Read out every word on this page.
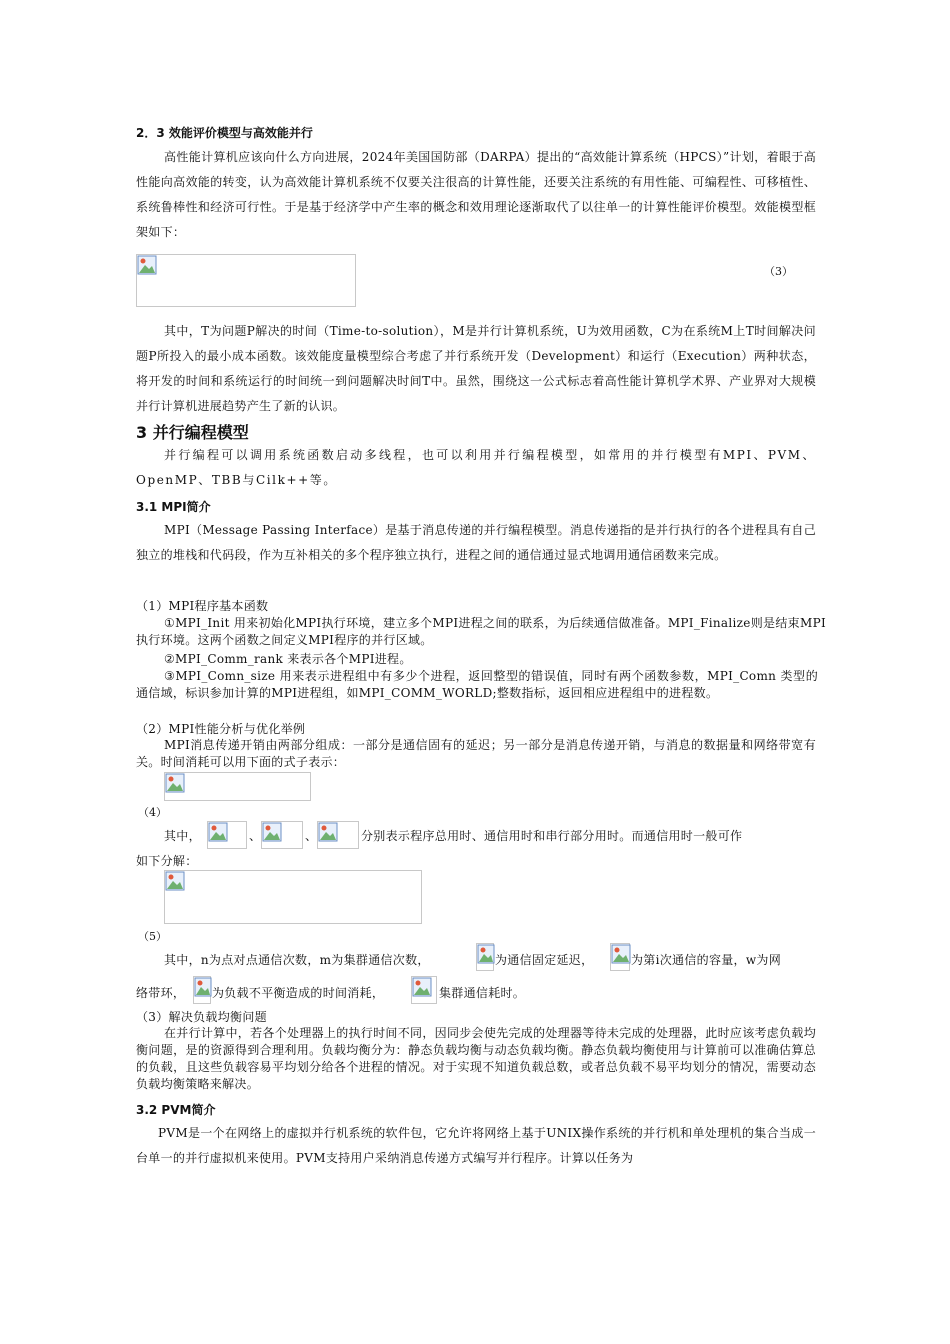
2．3 效能评价模型与高效能并行

高性能计算机应该向什么方向进展，2024年美国国防部（DARPA）提出的“高效能计算系统（HPCS）”计划，着眼于高性能向高效能的转变，认为高效能计算机系统不仅要关注很高的计算性能，还要关注系统的有用性能、可编程性、可移植性、系统鲁棒性和经济可行性。于是基于经济学中产生率的概念和效用理论逐渐取代了以往单一的计算性能评价模型。效能模型框架如下：

（3）

其中，T为问题P解决的时间（Time-to-solution），M是并行计算机系统，U为效用函数，C为在系统M上T时间解决问题P所投入的最小成本函数。该效能度量模型综合考虑了并行系统开发（Development）和运行（Execution）两种状态，将开发的时间和系统运行的时间统一到问题解决时间T中。虽然，围绕这一公式标志着高性能计算机学术界、产业界对大规模并行计算机进展趋势产生了新的认识。

3 并行编程模型

并行编程可以调用系统函数启动多线程，也可以利用并行编程模型，如常用的并行模型有MPI、PVM、OpenMP、TBB与Cilk++等。

3.1 MPI简介

MPI（Message Passing Interface）是基于消息传递的并行编程模型。消息传递指的是并行执行的各个进程具有自己独立的堆栈和代码段，作为互补相关的多个程序独立执行，进程之间的通信通过显式地调用通信函数来完成。

（1）MPI程序基本函数

①MPI_Init 用来初始化MPI执行环境，建立多个MPI进程之间的联系，为后续通信做准备。MPI_Finalize则是结束MPI执行环境。这两个函数之间定义MPI程序的并行区域。

②MPI_Comm_rank 来表示各个MPI进程。

③MPI_Comn_size 用来表示进程组中有多少个进程，返回整型的错误值，同时有两个函数参数，MPI_Comn 类型的通信域，标识参加计算的MPI进程组，如MPI_COMM_WORLD;整数指标，返回相应进程组中的进程数。

（2）MPI性能分析与优化举例

MPI消息传递开销由两部分组成：一部分是通信固有的延迟；另一部分是消息传递开销，与消息的数据量和网络带宽有关。时间消耗可以用下面的式子表示：

（4）
其中，	、	、	分别表示程序总用时、通信用时和串行部分用时。而通信用时一般可作
如下分解：
（5）
其中，n为点对点通信次数，m为集群通信次数，	为通信固定延迟，	为第i次通信的容量，w为网
络带环， 为负载不平衡造成的时间消耗，	集群通信耗时。
（3）解决负载均衡问题

在并行计算中，若各个处理器上的执行时间不同，因同步会使先完成的处理器等待未完成的处理器，此时应该考虑负载均衡问题，是的资源得到合理利用。负载均衡分为：静态负载均衡与动态负载均衡。静态负载均衡使用与计算前可以准确估算总的负载，且这些负载容易平均划分给各个进程的情况。对于实现不知道负载总数，或者总负载不易平均划分的情况，需要动态负载均衡策略来解决。

3.2 PVM简介

PVM是一个在网络上的虚拟并行机系统的软件包，它允许将网络上基于UNIX操作系统的并行机和单处理机的集合当成一台单一的并行虚拟机来使用。PVM支持用户采纳消息传递方式编写并行程序。计算以任务为
